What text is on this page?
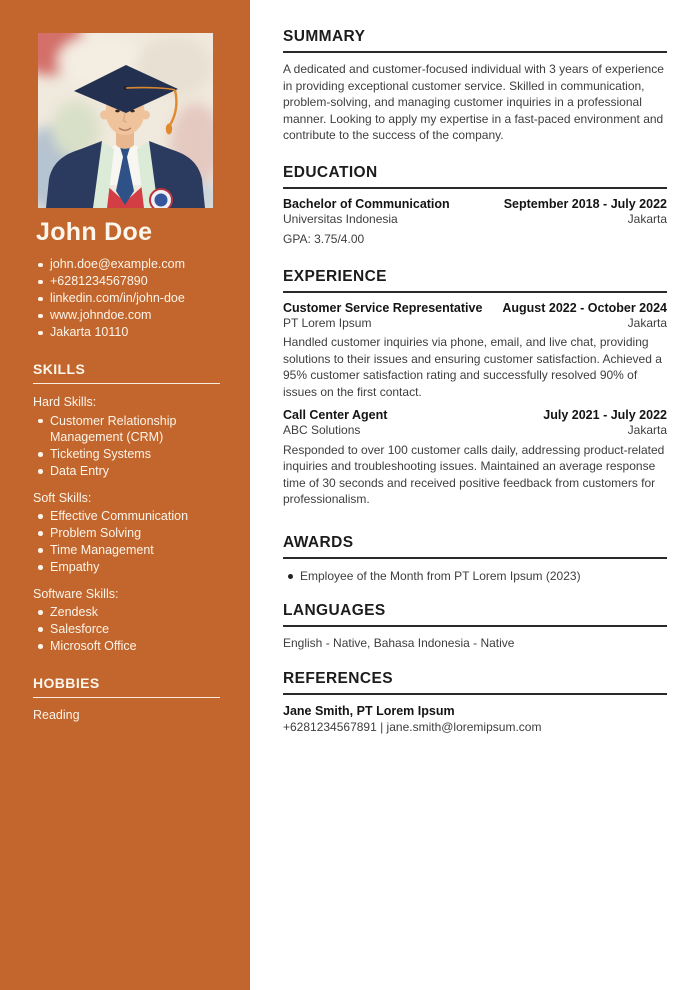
John Doe
john.doe@example.com
+6281234567890
linkedin.com/in/john-doe
www.johndoe.com
Jakarta 10110
SKILLS
Hard Skills:
Customer Relationship Management (CRM)
Ticketing Systems
Data Entry
Soft Skills:
Effective Communication
Problem Solving
Time Management
Empathy
Software Skills:
Zendesk
Salesforce
Microsoft Office
HOBBIES
Reading
SUMMARY
A dedicated and customer-focused individual with 3 years of experience in providing exceptional customer service. Skilled in communication, problem-solving, and managing customer inquiries in a professional manner. Looking to apply my expertise in a fast-paced environment and contribute to the success of the company.
EDUCATION
Bachelor of Communication	September 2018 - July 2022
Universitas Indonesia	Jakarta
GPA: 3.75/4.00
EXPERIENCE
Customer Service Representative August 2022 - October 2024
PT Lorem Ipsum	Jakarta
Handled customer inquiries via phone, email, and live chat, providing solutions to their issues and ensuring customer satisfaction. Achieved a 95% customer satisfaction rating and successfully resolved 90% of issues on the first contact.
Call Center Agent	July 2021 - July 2022
ABC Solutions	Jakarta
Responded to over 100 customer calls daily, addressing product-related inquiries and troubleshooting issues. Maintained an average response time of 30 seconds and received positive feedback from customers for professionalism.
AWARDS
Employee of the Month from PT Lorem Ipsum (2023)
LANGUAGES
English - Native, Bahasa Indonesia - Native
REFERENCES
Jane Smith, PT Lorem Ipsum
+6281234567891 | jane.smith@loremipsum.com
